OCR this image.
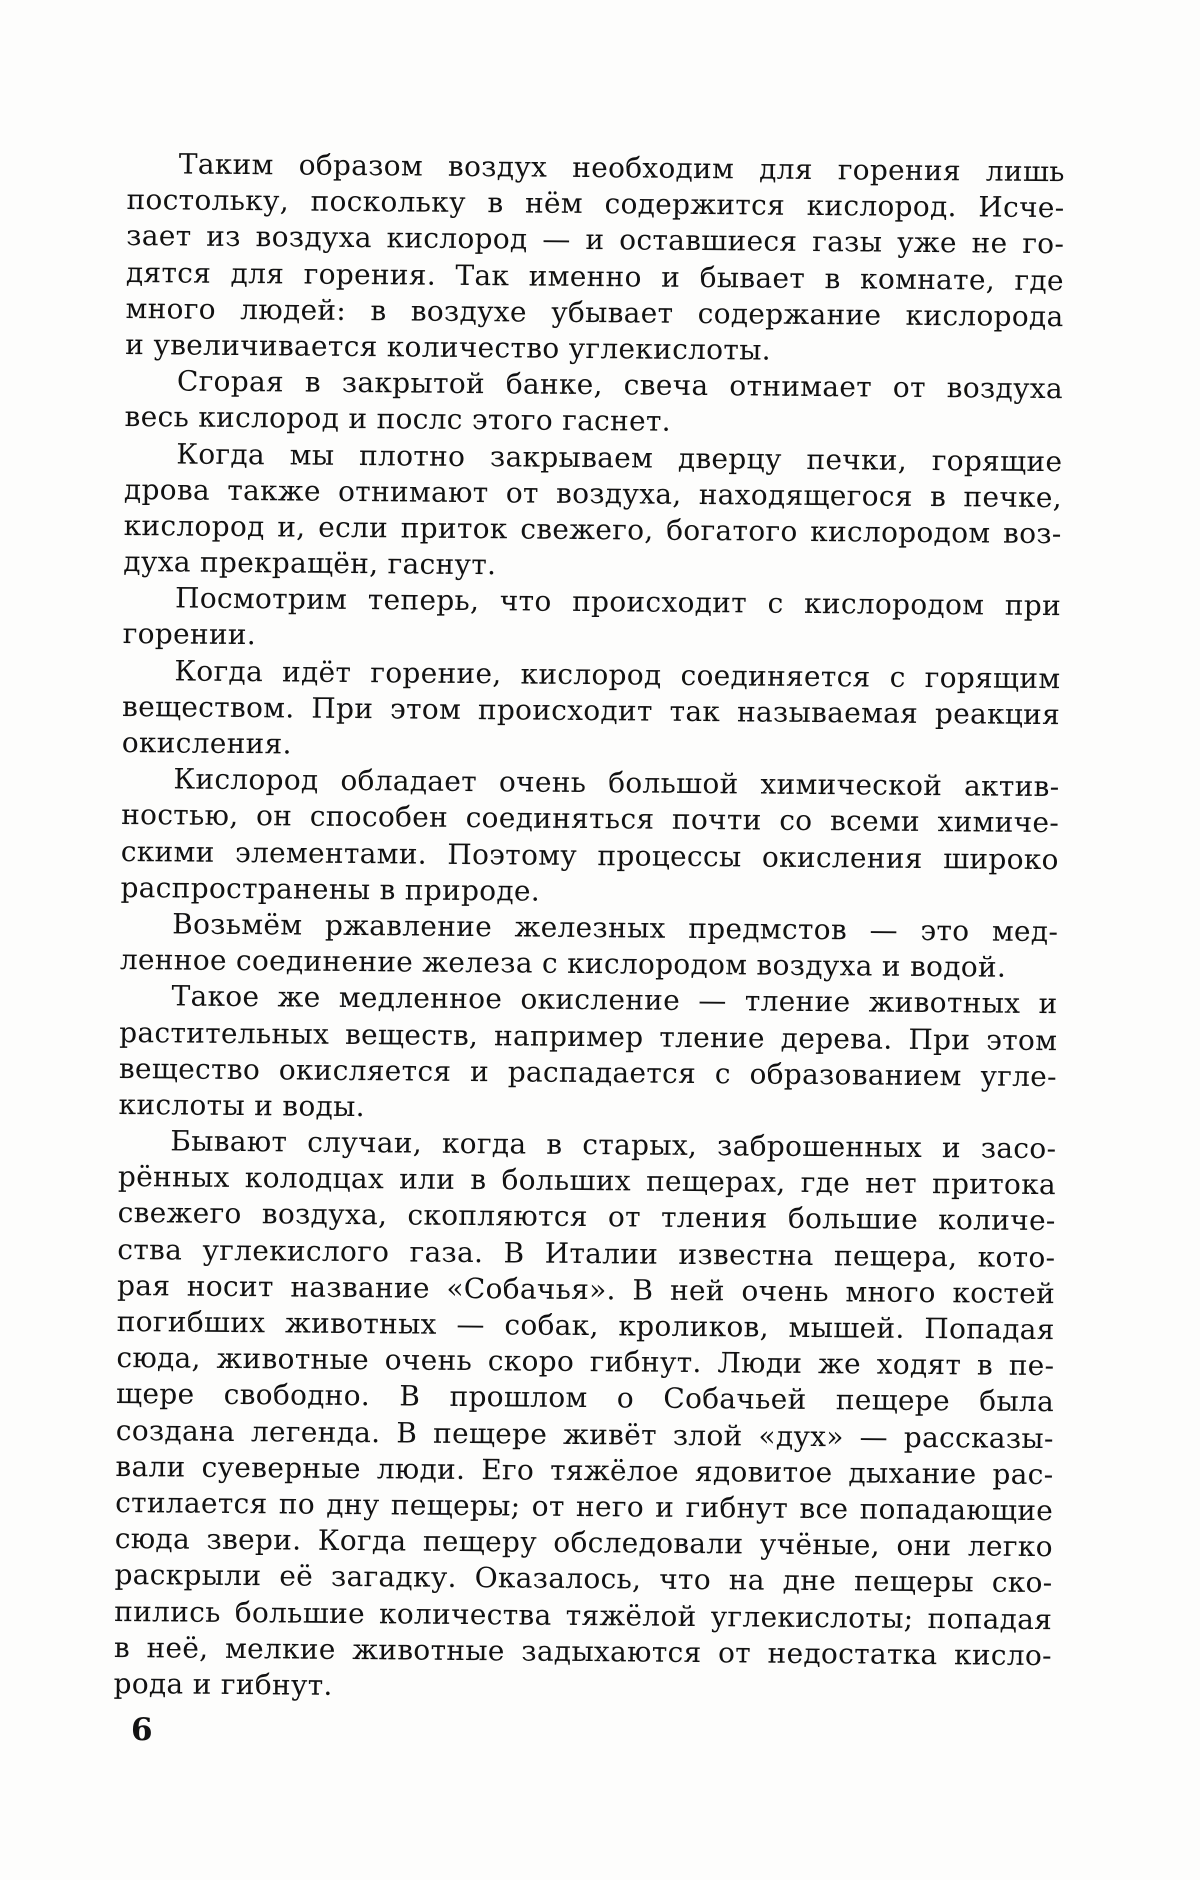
Таким образом воздух необходим для горения лишь
постольку, поскольку в нём содержится кислород. Исче-
зает из воздуха кислород — и оставшиеся газы уже не го-
дятся для горения. Так именно и бывает в комнате, где
много людей: в воздухе убывает содержание кислорода
и увеличивается количество углекислоты.
Сгорая в закрытой банке, свеча отнимает от воздуха
весь кислород и послс этого гаснет.
Когда мы плотно закрываем дверцу печки, горящие
дрова также отнимают от воздуха, находящегося в печке,
кислород и, если приток свежего, богатого кислородом воз-
духа прекращён, гаснут.
Посмотрим теперь, что происходит с кислородом при
горении.
Когда идёт горение, кислород соединяется с горящим
веществом. При этом происходит так называемая реакция
окисления.
Кислород обладает очень большой химической актив-
ностью, он способен соединяться почти со всеми химиче-
скими элементами. Поэтому процессы окисления широко
распространены в природе.
Возьмём ржавление железных предмстов — это мед-
ленное соединение железа с кислородом воздуха и водой.
Такое же медленное окисление — тление животных и
растительных веществ, например тление дерева. При этом
вещество окисляется и распадается с образованием угле-
кислоты и воды.
Бывают случаи, когда в старых, заброшенных и засо-
рённых колодцах или в больших пещерах, где нет притока
свежего воздуха, скопляются от тления большие количе-
ства углекислого газа. В Италии известна пещера, кото-
рая носит название «Собачья». В ней очень много костей
погибших животных — собак, кроликов, мышей. Попадая
сюда, животные очень скоро гибнут. Люди же ходят в пе-
щере свободно. В прошлом о Собачьей пещере была
создана легенда. В пещере живёт злой «дух» — рассказы-
вали суеверные люди. Его тяжёлое ядовитое дыхание рас-
стилается по дну пещеры; от него и гибнут все попадающие
сюда звери. Когда пещеру обследовали учёные, они легко
раскрыли её загадку. Оказалось, что на дне пещеры ско-
пились большие количества тяжёлой углекислоты; попадая
в неё, мелкие животные задыхаются от недостатка кисло-
рода и гибнут.
6
